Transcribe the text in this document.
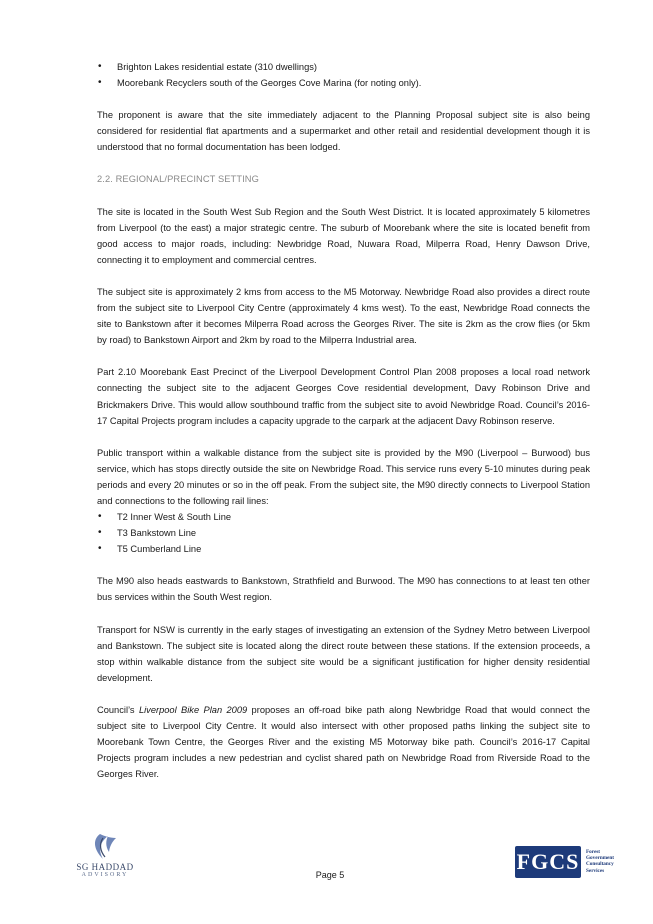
• Brighton Lakes residential estate (310 dwellings)
• Moorebank Recyclers south of the Georges Cove Marina (for noting only).

The proponent is aware that the site immediately adjacent to the Planning Proposal subject site is also being considered for residential flat apartments and a supermarket and other retail and residential development though it is understood that no formal documentation has been lodged.

2.2. REGIONAL/PRECINCT SETTING

The site is located in the South West Sub Region and the South West District. It is located approximately 5 kilometres from Liverpool (to the east) a major strategic centre. The suburb of Moorebank where the site is located benefit from good access to major roads, including: Newbridge Road, Nuwara Road, Milperra Road, Henry Dawson Drive, connecting it to employment and commercial centres.

The subject site is approximately 2 kms from access to the M5 Motorway. Newbridge Road also provides a direct route from the subject site to Liverpool City Centre (approximately 4 kms west). To the east, Newbridge Road connects the site to Bankstown after it becomes Milperra Road across the Georges River. The site is 2km as the crow flies (or 5km by road) to Bankstown Airport and 2km by road to the Milperra Industrial area.

Part 2.10 Moorebank East Precinct of the Liverpool Development Control Plan 2008 proposes a local road network connecting the subject site to the adjacent Georges Cove residential development, Davy Robinson Drive and Brickmakers Drive. This would allow southbound traffic from the subject site to avoid Newbridge Road. Council’s 2016-17 Capital Projects program includes a capacity upgrade to the carpark at the adjacent Davy Robinson reserve.

Public transport within a walkable distance from the subject site is provided by the M90 (Liverpool – Burwood) bus service, which has stops directly outside the site on Newbridge Road. This service runs every 5-10 minutes during peak periods and every 20 minutes or so in the off peak. From the subject site, the M90 directly connects to Liverpool Station and connections to the following rail lines:

• T2 Inner West & South Line
• T3 Bankstown Line
• T5 Cumberland Line

The M90 also heads eastwards to Bankstown, Strathfield and Burwood. The M90 has connections to at least ten other bus services within the South West region.

Transport for NSW is currently in the early stages of investigating an extension of the Sydney Metro between Liverpool and Bankstown. The subject site is located along the direct route between these stations. If the extension proceeds, a stop within walkable distance from the subject site would be a significant justification for higher density residential development.

Council’s Liverpool Bike Plan 2009 proposes an off-road bike path along Newbridge Road that would connect the subject site to Liverpool City Centre. It would also intersect with other proposed paths linking the subject site to Moorebank Town Centre, the Georges River and the existing M5 Motorway bike path. Council’s 2016-17 Capital Projects program includes a new pedestrian and cyclist shared path on Newbridge Road from Riverside Road to the Georges River.

SG HADDAD
ADVISORY	Page 5
FGCS	Forest
Government
Consultancy
Services
